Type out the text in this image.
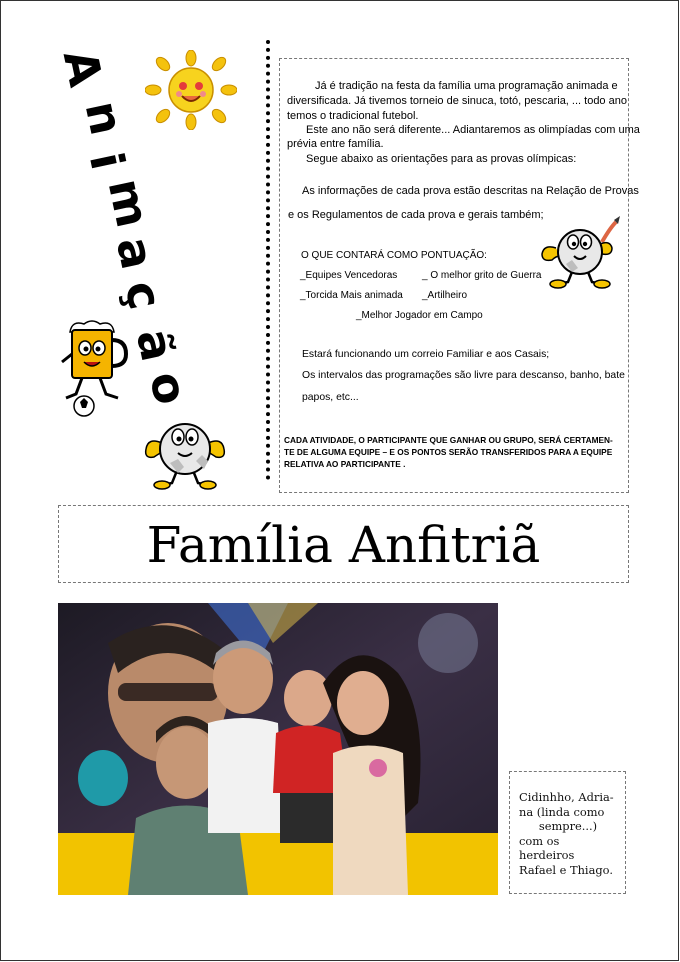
A
n
i
m
a
ç
ã
o
Já é tradição na festa da família uma programação animada e
diversificada. Já tivemos torneio de sinuca, totó, pescaria, ... todo ano
temos o tradicional futebol.
Este ano não será diferente... Adiantaremos as olimpíadas com uma
prévia entre família.
Segue abaixo as orientações para as provas olímpicas:
As informações de cada prova estão descritas na Relação de Provas
e os Regulamentos de cada prova e gerais também;
O QUE CONTARÁ COMO PONTUAÇÃO:
_Equipes Vencedoras _ O melhor grito de Guerra
_Torcida Mais animada _Artilheiro
_Melhor Jogador em Campo
Estará funcionando um correio Familiar e aos Casais;
Os intervalos das programações são livre para descanso, banho, bate
papos, etc...
CADA ATIVIDADE, O PARTICIPANTE QUE GANHAR OU GRUPO, SERÁ CERTAMEN-
TE DE ALGUMA EQUIPE – E OS PONTOS SERÃO TRANSFERIDOS PARA A EQUIPE
RELATIVA AO PARTICIPANTE .
Família Anfitriã
Cidinhho, Adria-
na (linda como
sempre...)
com os herdeiros
Rafael e Thiago.
